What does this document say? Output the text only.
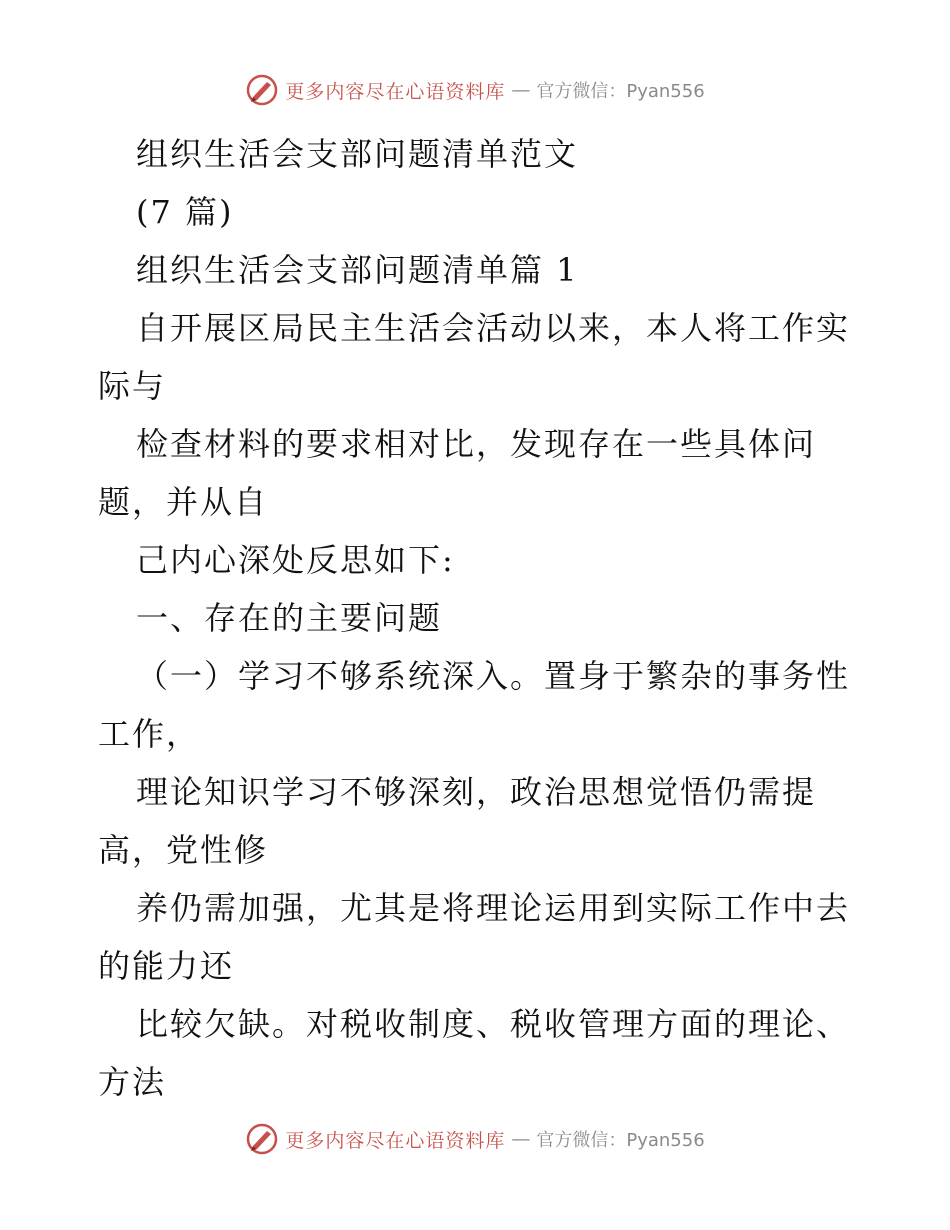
更多内容尽在心语资料库 — 官方微信：Pyan556
组织生活会支部问题清单范文
(7 篇)
组织生活会支部问题清单篇 1
自开展区局民主生活会活动以来，本人将工作实
际与
检查材料的要求相对比，发现存在一些具体问
题，并从自
己内心深处反思如下:
一、存在的主要问题
（一）学习不够系统深入。置身于繁杂的事务性
工作，
理论知识学习不够深刻，政治思想觉悟仍需提
高，党性修
养仍需加强，尤其是将理论运用到实际工作中去
的能力还
比较欠缺。对税收制度、税收管理方面的理论、
方法
更多内容尽在心语资料库 — 官方微信：Pyan556
